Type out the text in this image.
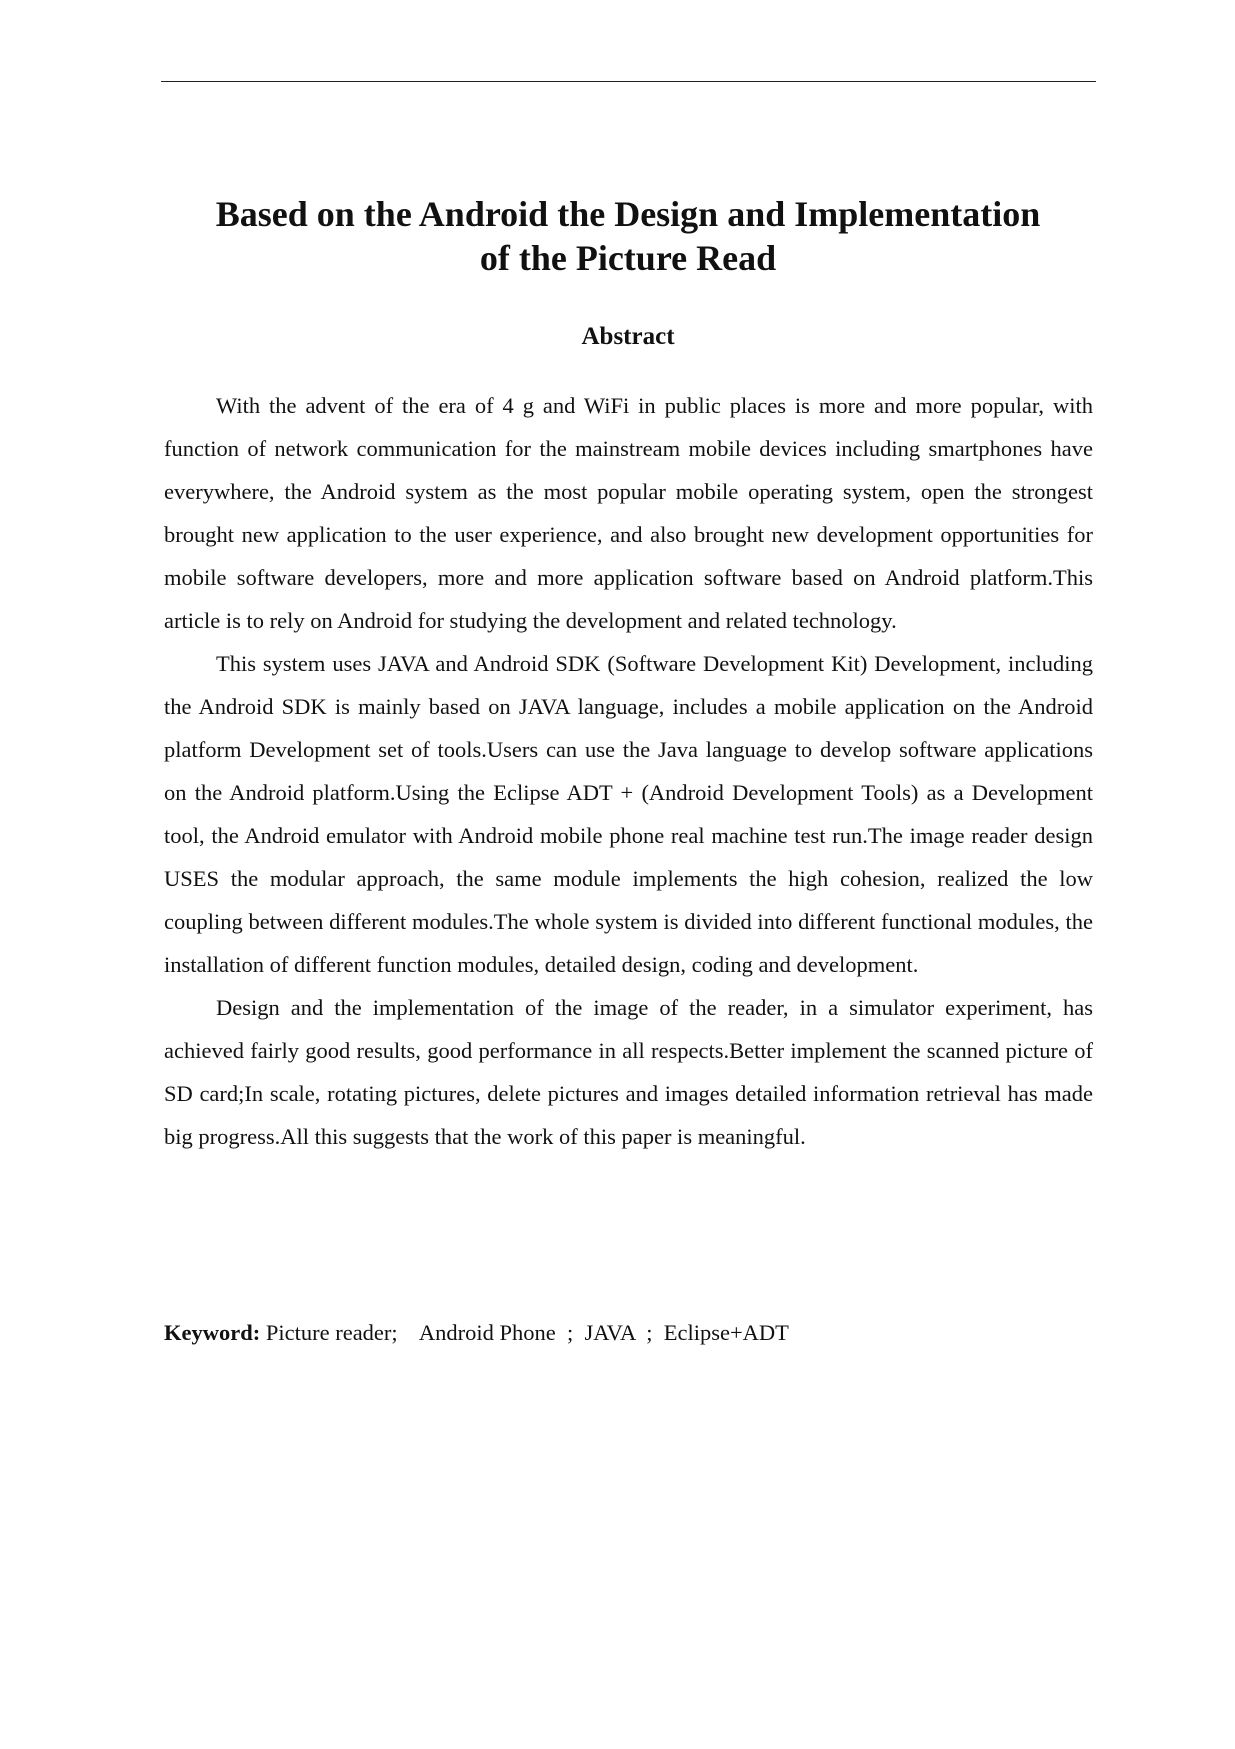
Based on the Android the Design and Implementation
of the Picture Read
Abstract

With the advent of the era of 4 g and WiFi in public places is more and more popular, with function of network communication for the mainstream mobile devices including smartphones have everywhere, the Android system as the most popular mobile operating system, open the strongest brought new application to the user experience, and also brought new development opportunities for mobile software developers, more and more application software based on Android platform.This article is to rely on Android for studying the development and related technology.

This system uses JAVA and Android SDK (Software Development Kit) Development, including the Android SDK is mainly based on JAVA language, includes a mobile application on the Android platform Development set of tools.Users can use the Java language to develop software applications on the Android platform.Using the Eclipse ADT + (Android Development Tools) as a Development tool, the Android emulator with Android mobile phone real machine test run.The image reader design USES the modular approach, the same module implements the high cohesion, realized the low coupling between different modules.The whole system is divided into different functional modules, the installation of different function modules, detailed design, coding and development.

Design and the implementation of the image of the reader, in a simulator experiment, has achieved fairly good results, good performance in all respects.Better implement the scanned picture of SD card;In scale, rotating pictures, delete pictures and images detailed information retrieval has made big progress.All this suggests that the work of this paper is meaningful.

Keyword: Picture reader;    Android Phone  ;  JAVA  ;  Eclipse+ADT
